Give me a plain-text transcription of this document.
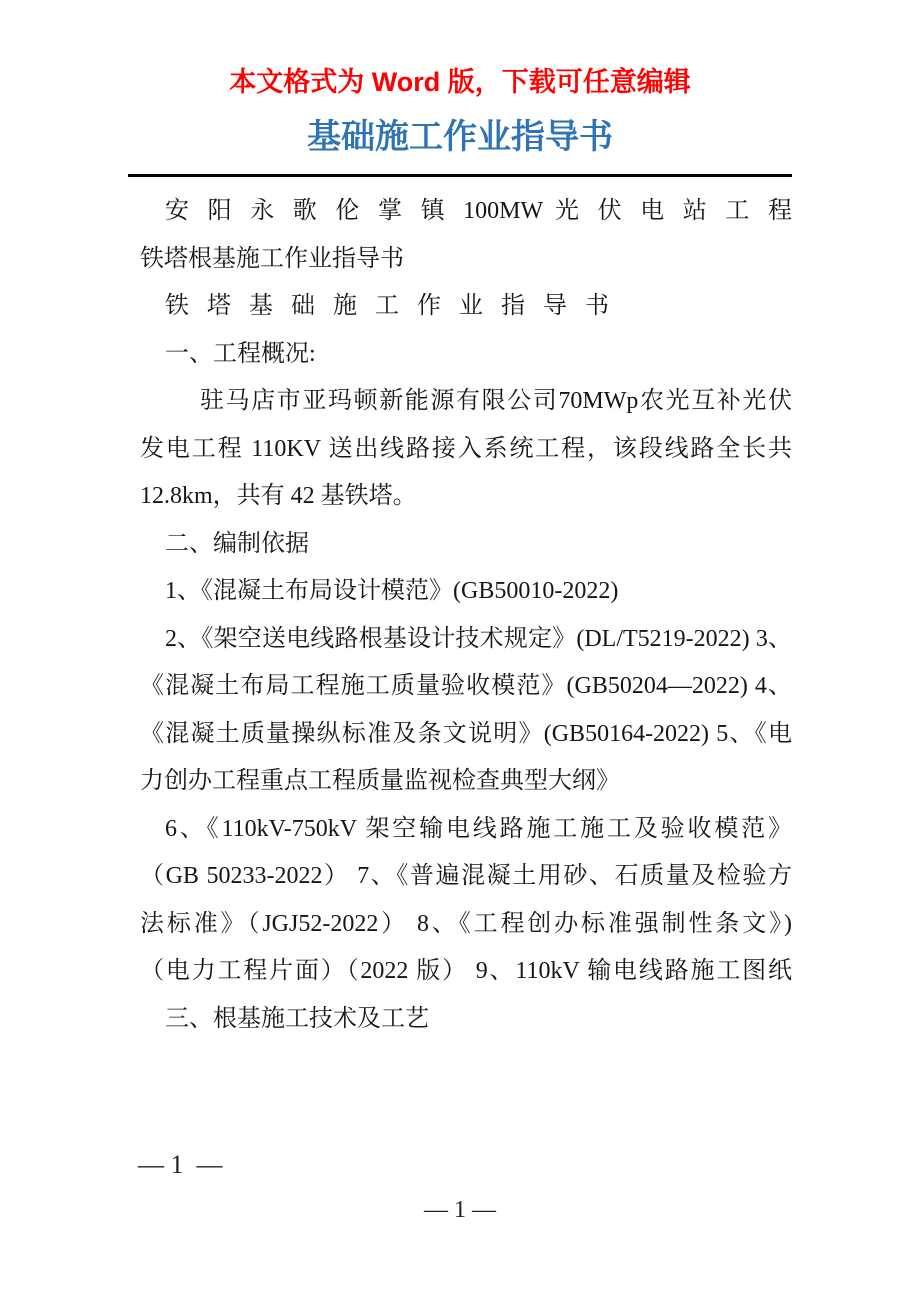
本文格式为 Word 版，下载可任意编辑
基础施工作业指导书
安 阳 永 歌 伦 掌 镇 100MW 光 伏 电 站 工 程
铁塔根基施工作业指导书
铁 塔 基 础 施 工 作 业 指 导 书
一、工程概况:
驻马店市亚玛顿新能源有限公司70MWp农光互补光伏
发电工程 110KV 送出线路接入系统工程，该段线路全长共
12.8km，共有 42 基铁塔。
二、编制依据
1、《混凝土布局设计模范》(GB50010-2022)
2、《架空送电线路根基设计技术规定》(DL/T5219-2022) 3、
《混凝土布局工程施工质量验收模范》(GB50204—2022) 4、
《混凝土质量操纵标准及条文说明》(GB50164-2022) 5、《电
力创办工程重点工程质量监视检查典型大纲》
6、《110kV-750kV 架空输电线路施工施工及验收模范》
（GB 50233-2022） 7、《普遍混凝土用砂、石质量及检验方
法标准》（JGJ52-2022） 8、《工程创办标准强制性条文》)
（电力工程片面）（2022 版） 9、110kV 输电线路施工图纸
三、根基施工技术及工艺
— 1  —
— 1 —
